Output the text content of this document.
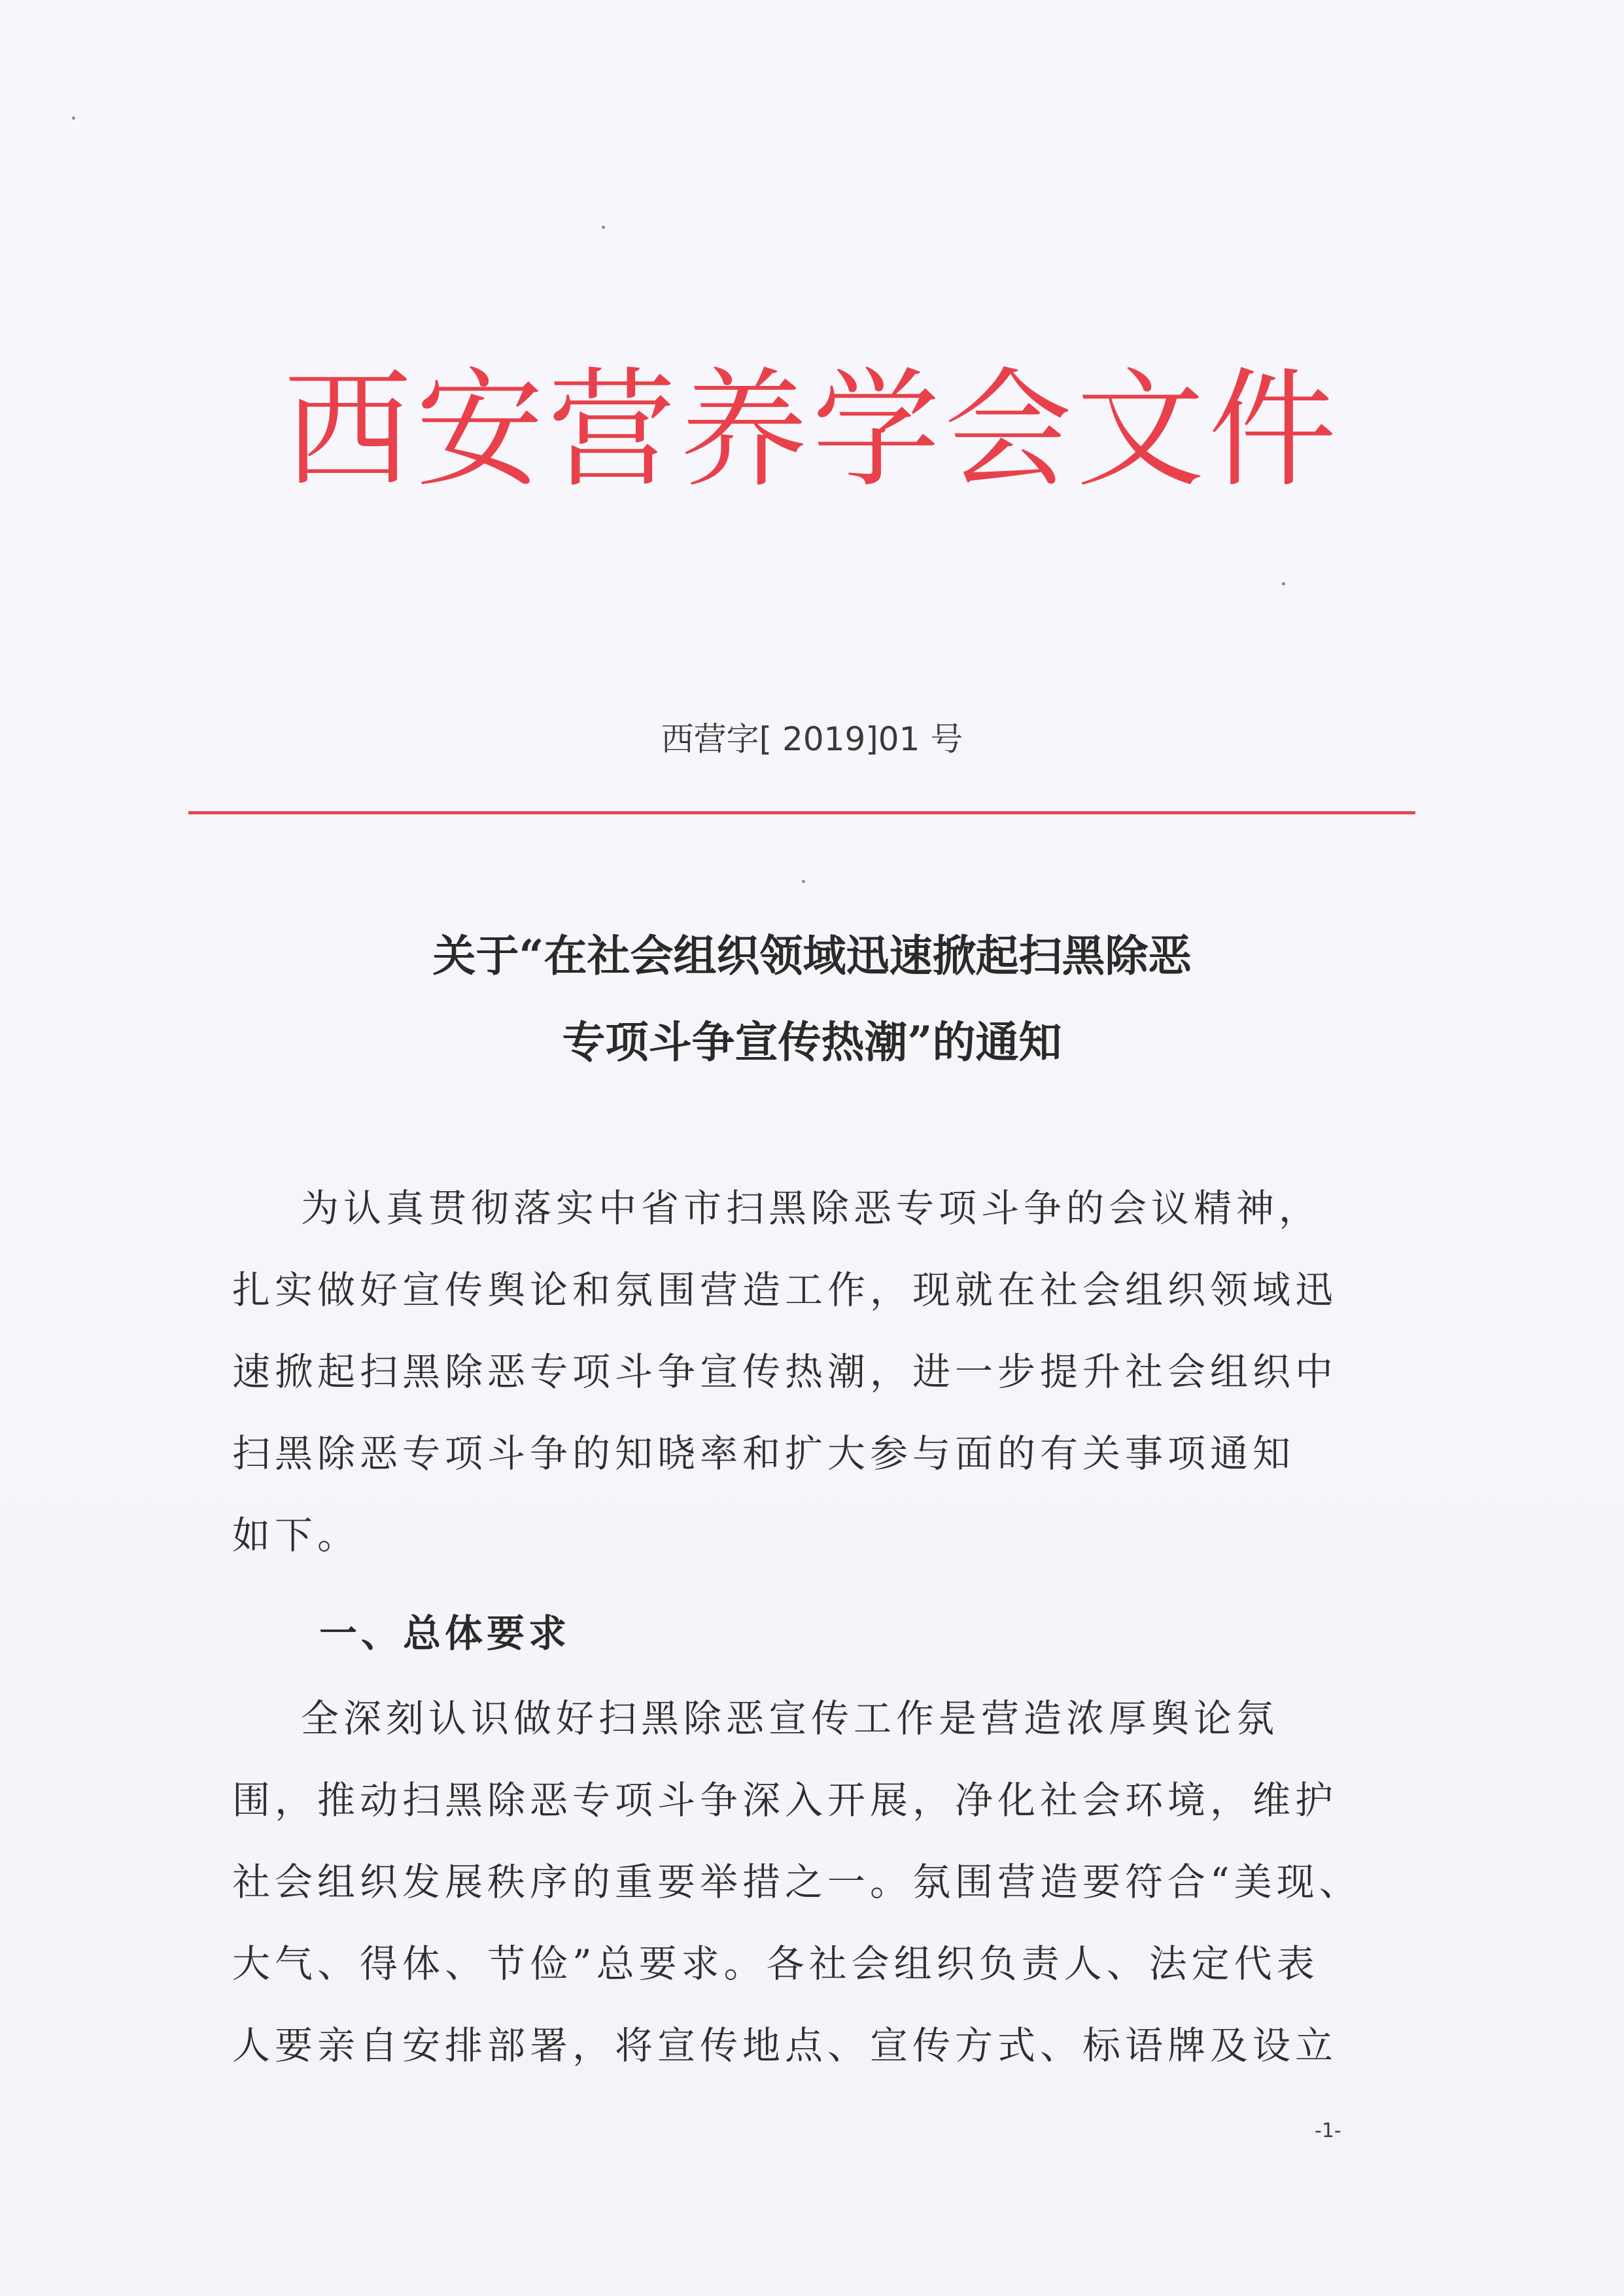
西安营养学会文件
西营字[ 2019]01 号
关于“在社会组织领域迅速掀起扫黑除恶
专项斗争宣传热潮”的通知
为认真贯彻落实中省市扫黑除恶专项斗争的会议精神，
扎实做好宣传舆论和氛围营造工作，现就在社会组织领域迅
速掀起扫黑除恶专项斗争宣传热潮，进一步提升社会组织中
扫黑除恶专项斗争的知晓率和扩大参与面的有关事项通知
如下。
一、总体要求
全深刻认识做好扫黑除恶宣传工作是营造浓厚舆论氛
围，推动扫黑除恶专项斗争深入开展，净化社会环境，维护
社会组织发展秩序的重要举措之一。氛围营造要符合“美现、
大气、得体、节俭”总要求。各社会组织负责人、法定代表
人要亲自安排部署，将宣传地点、宣传方式、标语牌及设立
-1-
